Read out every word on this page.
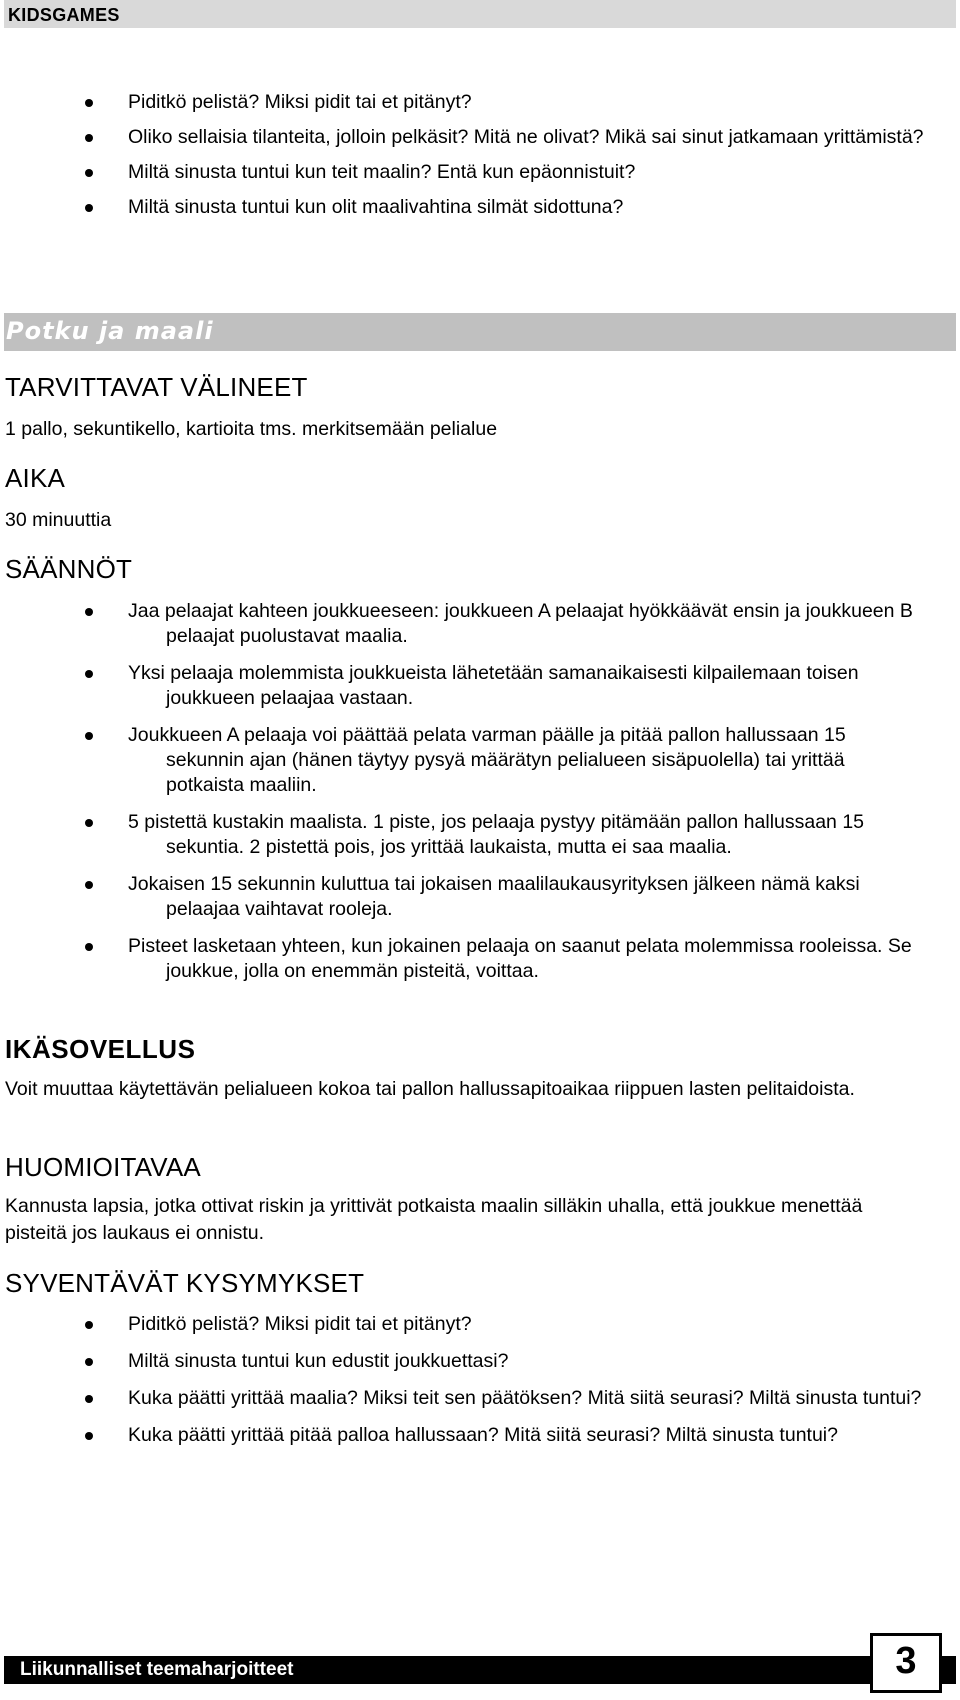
KIDSGAMES
Piditkö pelistä? Miksi pidit tai et pitänyt?
Oliko sellaisia tilanteita, jolloin pelkäsit? Mitä ne olivat? Mikä sai sinut jatkamaan yrittämistä?
Miltä sinusta tuntui kun teit maalin? Entä kun epäonnistuit?
Miltä sinusta tuntui kun olit maalivahtina silmät sidottuna?
Potku ja maali
TARVITTAVAT VÄLINEET

1 pallo, sekuntikello, kartioita tms. merkitsemään pelialue

AIKA

30 minuuttia

SÄÄNNÖT
Jaa pelaajat kahteen joukkueeseen: joukkueen A pelaajat hyökkäävät ensin ja joukkueen B pelaajat puolustavat maalia.
Yksi pelaaja molemmista joukkueista lähetetään samanaikaisesti kilpailemaan toisen joukkueen pelaajaa vastaan.
Joukkueen A pelaaja voi päättää pelata varman päälle ja pitää pallon hallussaan 15 sekunnin ajan (hänen täytyy pysyä määrätyn pelialueen sisäpuolella) tai yrittää potkaista maaliin.
5 pistettä kustakin maalista. 1 piste, jos pelaaja pystyy pitämään pallon hallussaan 15 sekuntia. 2 pistettä pois, jos yrittää laukaista, mutta ei saa maalia.
Jokaisen 15 sekunnin kuluttua tai jokaisen maalilaukausyrityksen jälkeen nämä kaksi pelaajaa vaihtavat rooleja.
Pisteet lasketaan yhteen, kun jokainen pelaaja on saanut pelata molemmissa rooleissa. Se joukkue, jolla on enemmän pisteitä, voittaa.
IKÄSOVELLUS

Voit muuttaa käytettävän pelialueen kokoa tai pallon hallussapitoaikaa riippuen lasten pelitaidoista.

HUOMIOITAVAA

Kannusta lapsia, jotka ottivat riskin ja yrittivät potkaista maalin silläkin uhalla, että joukkue menettää pisteitä jos laukaus ei onnistu.

SYVENTÄVÄT KYSYMYKSET
Piditkö pelistä? Miksi pidit tai et pitänyt?
Miltä sinusta tuntui kun edustit joukkuettasi?
Kuka päätti yrittää maalia? Miksi teit sen päätöksen? Mitä siitä seurasi? Miltä sinusta tuntui?
Kuka päätti yrittää pitää palloa hallussaan? Mitä siitä seurasi? Miltä sinusta tuntui?
Liikunnalliset teemaharjoitteet	3
